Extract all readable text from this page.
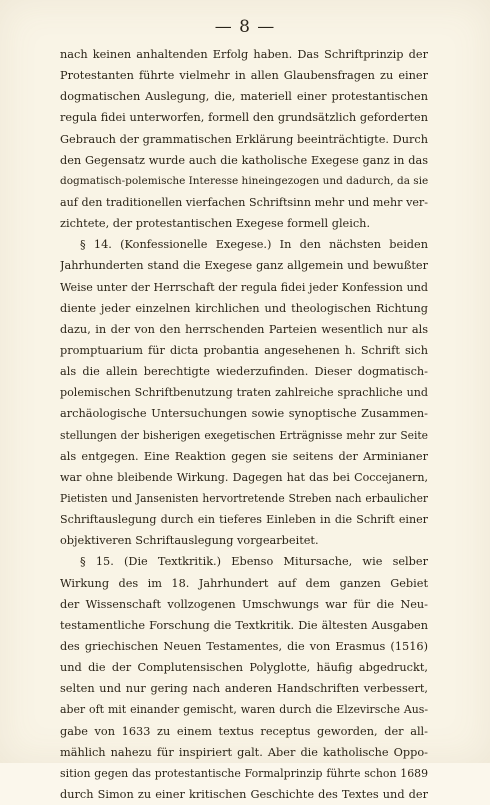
— 8 —
nach keinen anhaltenden Erfolg haben. Das Schriftprinzip der
Protestanten führte vielmehr in allen Glaubensfragen zu einer
dogmatischen Auslegung, die, materiell einer protestantischen
regula fidei unterworfen, formell den grundsätzlich geforderten
Gebrauch der grammatischen Erklärung beeinträchtigte. Durch
den Gegensatz wurde auch die katholische Exegese ganz in das
dogmatisch-polemische Interesse hineingezogen und dadurch, da sie
auf den traditionellen vierfachen Schriftsinn mehr und mehr ver-
zichtete, der protestantischen Exegese formell gleich.
§ 14. (Konfessionelle Exegese.) In den nächsten beiden
Jahrhunderten stand die Exegese ganz allgemein und bewußter
Weise unter der Herrschaft der regula fidei jeder Konfession und
diente jeder einzelnen kirchlichen und theologischen Richtung
dazu, in der von den herrschenden Parteien wesentlich nur als
promptuarium für dicta probantia angesehenen h. Schrift sich
als die allein berechtigte wiederzufinden. Dieser dogmatisch-
polemischen Schriftbenutzung traten zahlreiche sprachliche und
archäologische Untersuchungen sowie synoptische Zusammen-
stellungen der bisherigen exegetischen Erträgnisse mehr zur Seite
als entgegen. Eine Reaktion gegen sie seitens der Arminianer
war ohne bleibende Wirkung. Dagegen hat das bei Coccejanern,
Pietisten und Jansenisten hervortretende Streben nach erbaulicher
Schriftauslegung durch ein tieferes Einleben in die Schrift einer
objektiveren Schriftauslegung vorgearbeitet.
§ 15. (Die Textkritik.) Ebenso Mitursache, wie selber
Wirkung des im 18. Jahrhundert auf dem ganzen Gebiet
der Wissenschaft vollzogenen Umschwungs war für die Neu-
testamentliche Forschung die Textkritik. Die ältesten Ausgaben
des griechischen Neuen Testamentes, die von Erasmus (1516)
und die der Complutensischen Polyglotte, häufig abgedruckt,
selten und nur gering nach anderen Handschriften verbessert,
aber oft mit einander gemischt, waren durch die Elzevirsche Aus-
gabe von 1633 zu einem textus receptus geworden, der all-
mählich nahezu für inspiriert galt. Aber die katholische Oppo-
sition gegen das protestantische Formalprinzip führte schon 1689
durch Simon zu einer kritischen Geschichte des Textes und der
